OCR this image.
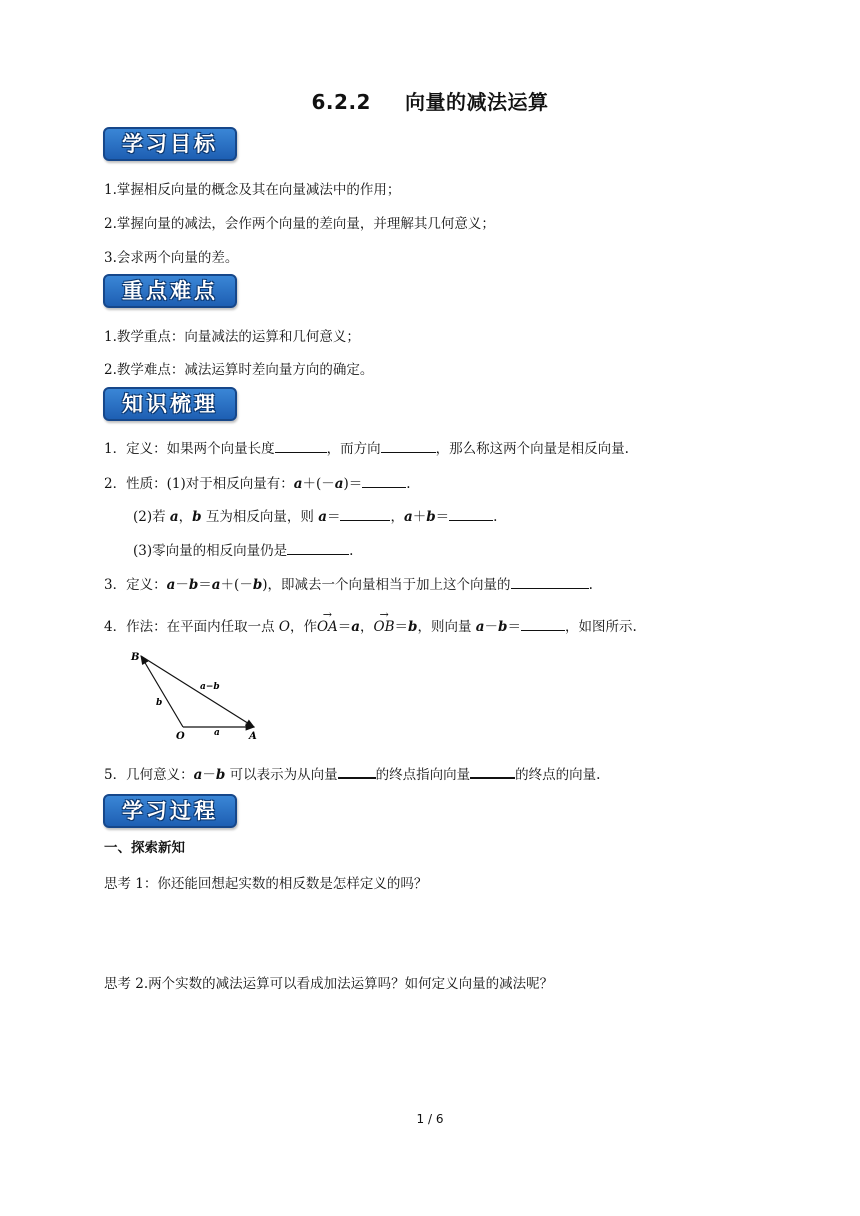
6.2.2 向量的减法运算
学习目标
1.掌握相反向量的概念及其在向量减法中的作用；
2.掌握向量的减法，会作两个向量的差向量，并理解其几何意义；
3.会求两个向量的差。
重点难点
1.教学重点：向量减法的运算和几何意义；
2.教学难点：减法运算时差向量方向的确定。
知识梳理
1．定义：如果两个向量长度	，而方向	，那么称这两个向量是相反向量.
2．性质：(1)对于相反向量有：a＋(－a)＝	.
(2)若 a，b 互为相反向量，则 a＝	，a＋b＝	.
(3)零向量的相反向量仍是	.
3．定义：a－b＝a＋(－b)，即减去一个向量相当于加上这个向量的	.
4．作法：在平面内任取一点 O，作→ OA＝a，→ OB＝b，则向量 a－b＝	，如图所示.
B
O	A
b
a
a−b
5．几何意义：a－b 可以表示为从向量	的终点指向向量	的终点的向量.
学习过程
一、探索新知
思考 1：你还能回想起实数的相反数是怎样定义的吗？
思考 2.两个实数的减法运算可以看成加法运算吗？如何定义向量的减法呢？
1 / 6
